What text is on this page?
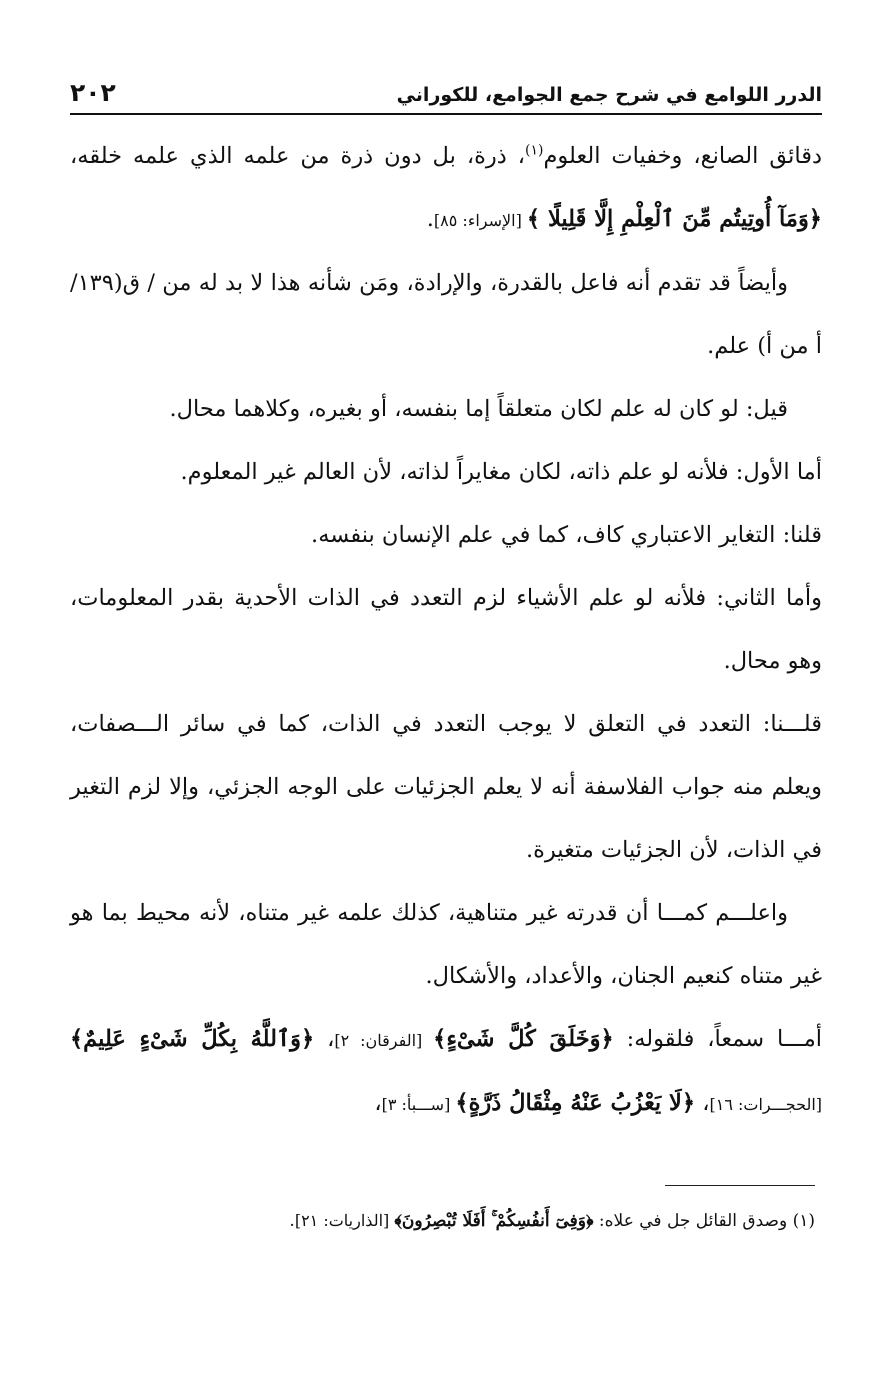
الدرر اللوامع في شرح جمع الجوامع، للكوراني
٢٠٢

دقائق الصانع، وخفيات العلوم$^{(١)}$، ذرة، بل دون ذرة من علمه الذي علمه خلقه، ﴿وَمَآ أُوتِيتُم مِّنَ ٱلْعِلْمِ إِلَّا قَلِيلًا ﴾ [الإسراء: ٨٥].

وأيضاً قد تقدم أنه فاعل بالقدرة، والإرادة، ومَن شأنه هذا لا بد له من / ق(١٣٩/أ من أ) علم.

قيل: لو كان له علم لكان متعلقاً إما بنفسه، أو بغيره، وكلاهما محال.

أما الأول: فلأنه لو علم ذاته، لكان مغايراً لذاته، لأن العالم غير المعلوم.

قلنا: التغاير الاعتباري كاف، كما في علم الإنسان بنفسه.

وأما الثاني: فلأنه لو علم الأشياء لزم التعدد في الذات الأحدية بقدر المعلومات، وهو محال.

قلـــنا: التعدد في التعلق لا يوجب التعدد في الذات، كما في سائر الـــصفات، ويعلم منه جواب الفلاسفة أنه لا يعلم الجزئيات على الوجه الجزئي، وإلا لزم التغير في الذات، لأن الجزئيات متغيرة.

واعلـــم كمـــا أن قدرته غير متناهية، كذلك علمه غير متناه، لأنه محيط بما هو غير متناه كنعيم الجنان، والأعداد، والأشكال.

أمـــا سمعاً، فلقوله: ﴿وَخَلَقَ كُلَّ شَىْءٍ﴾ [الفرقان: ٢]، ﴿وَٱللَّهُ بِكُلِّ شَىْءٍ عَلِيمٌ﴾ [الحجـــرات: ١٦]، ﴿لَا يَعْزُبُ عَنْهُ مِثْقَالُ ذَرَّةٍ﴾ [ســـبأ: ٣]،

(١) وصدق القائل جل في علاه: ﴿وَفِىٓ أَنفُسِكُمْ ۚ أَفَلَا تُبْصِرُونَ﴾ [الذاريات: ٢١].
